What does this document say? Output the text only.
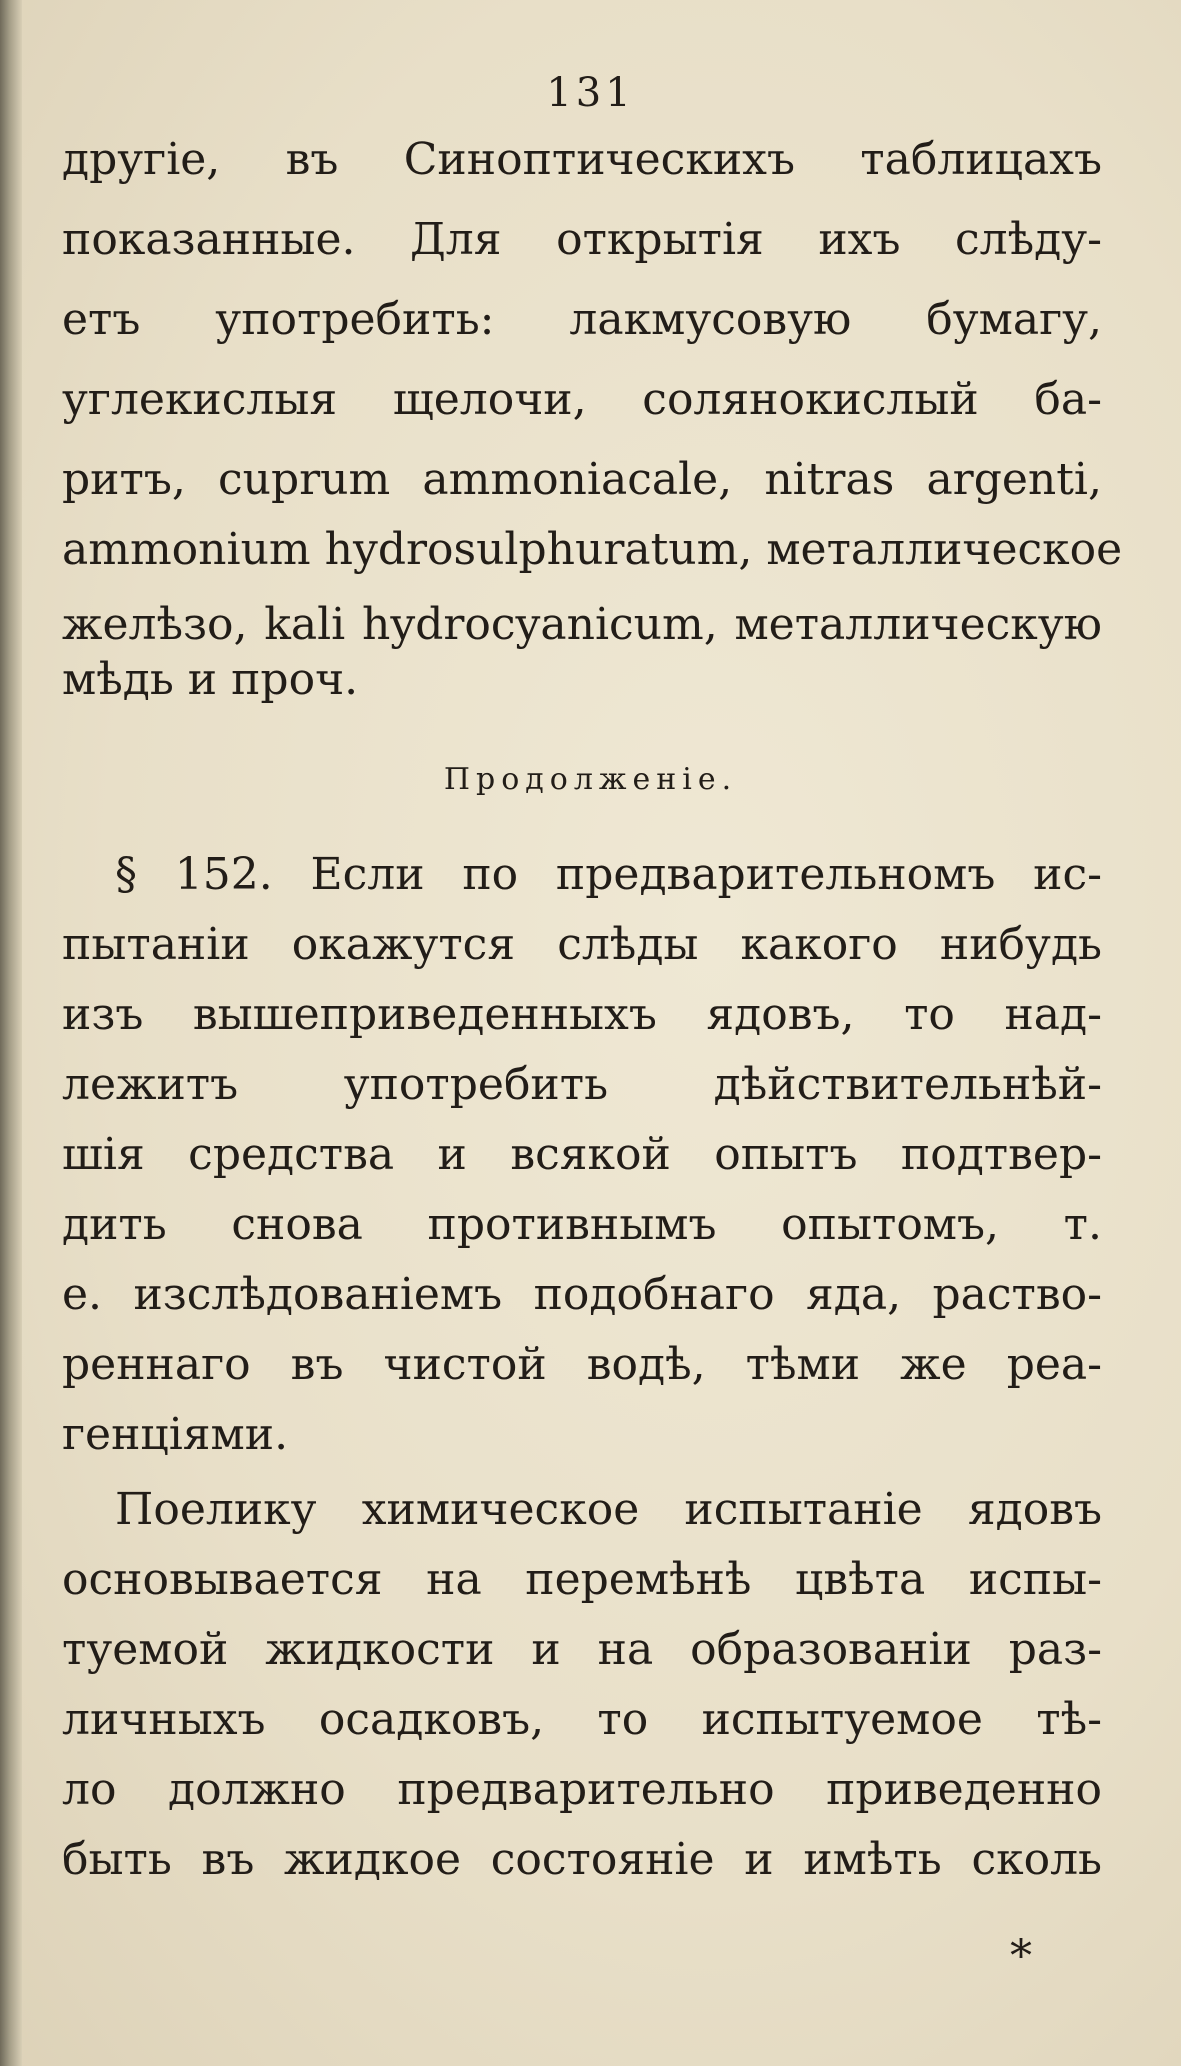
131
другіе, въ Синоптическихъ таблицахъ
показанные. Для открытія ихъ слѣду-
етъ употребить: лакмусовую бумагу,
углекислыя щелочи, солянокислый ба-
ритъ, cuprum ammoniacale, nitras argenti,
ammonium hydrosulphuratum, металлическое
желѣзо, kali hydrocyanicum, металлическую
мѣдь и проч.
Продолженіе.
§ 152. Если по предварительномъ ис-
пытаніи окажутся слѣды какого нибудь
изъ вышеприведенныхъ ядовъ, то над-
лежитъ употребить дѣйствительнѣй-
шія средства и всякой опытъ подтвер-
дить снова противнымъ опытомъ, т.
е. изслѣдованіемъ подобнаго яда, раство-
реннаго въ чистой водѣ, тѣми же реа-
генціями.
Поелику химическое испытаніе ядовъ
основывается на перемѣнѣ цвѣта испы-
туемой жидкости и на образованіи раз-
личныхъ осадковъ, то испытуемое тѣ-
ло должно предварительно приведенно
быть въ жидкое состояніе и имѣть сколь
*
